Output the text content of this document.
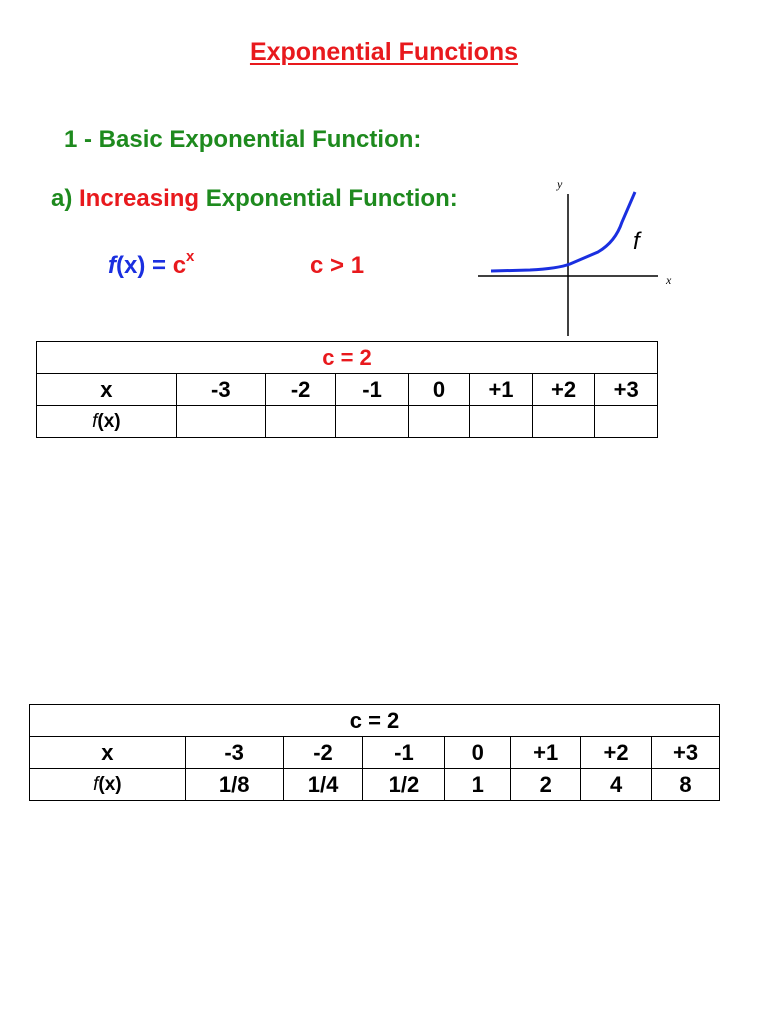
Exponential Functions
1 - Basic Exponential Function:
a) Increasing Exponential Function:
$f(x) = c^x$	c > 1
y
x
f
c = 2							
x	-3	-2	-1	0	+1	+2	+3
f(x)							
c = 2							
x	-3	-2	-1	0	+1	+2	+3
f(x)	1/8	1/4	1/2	1	2	4	8
